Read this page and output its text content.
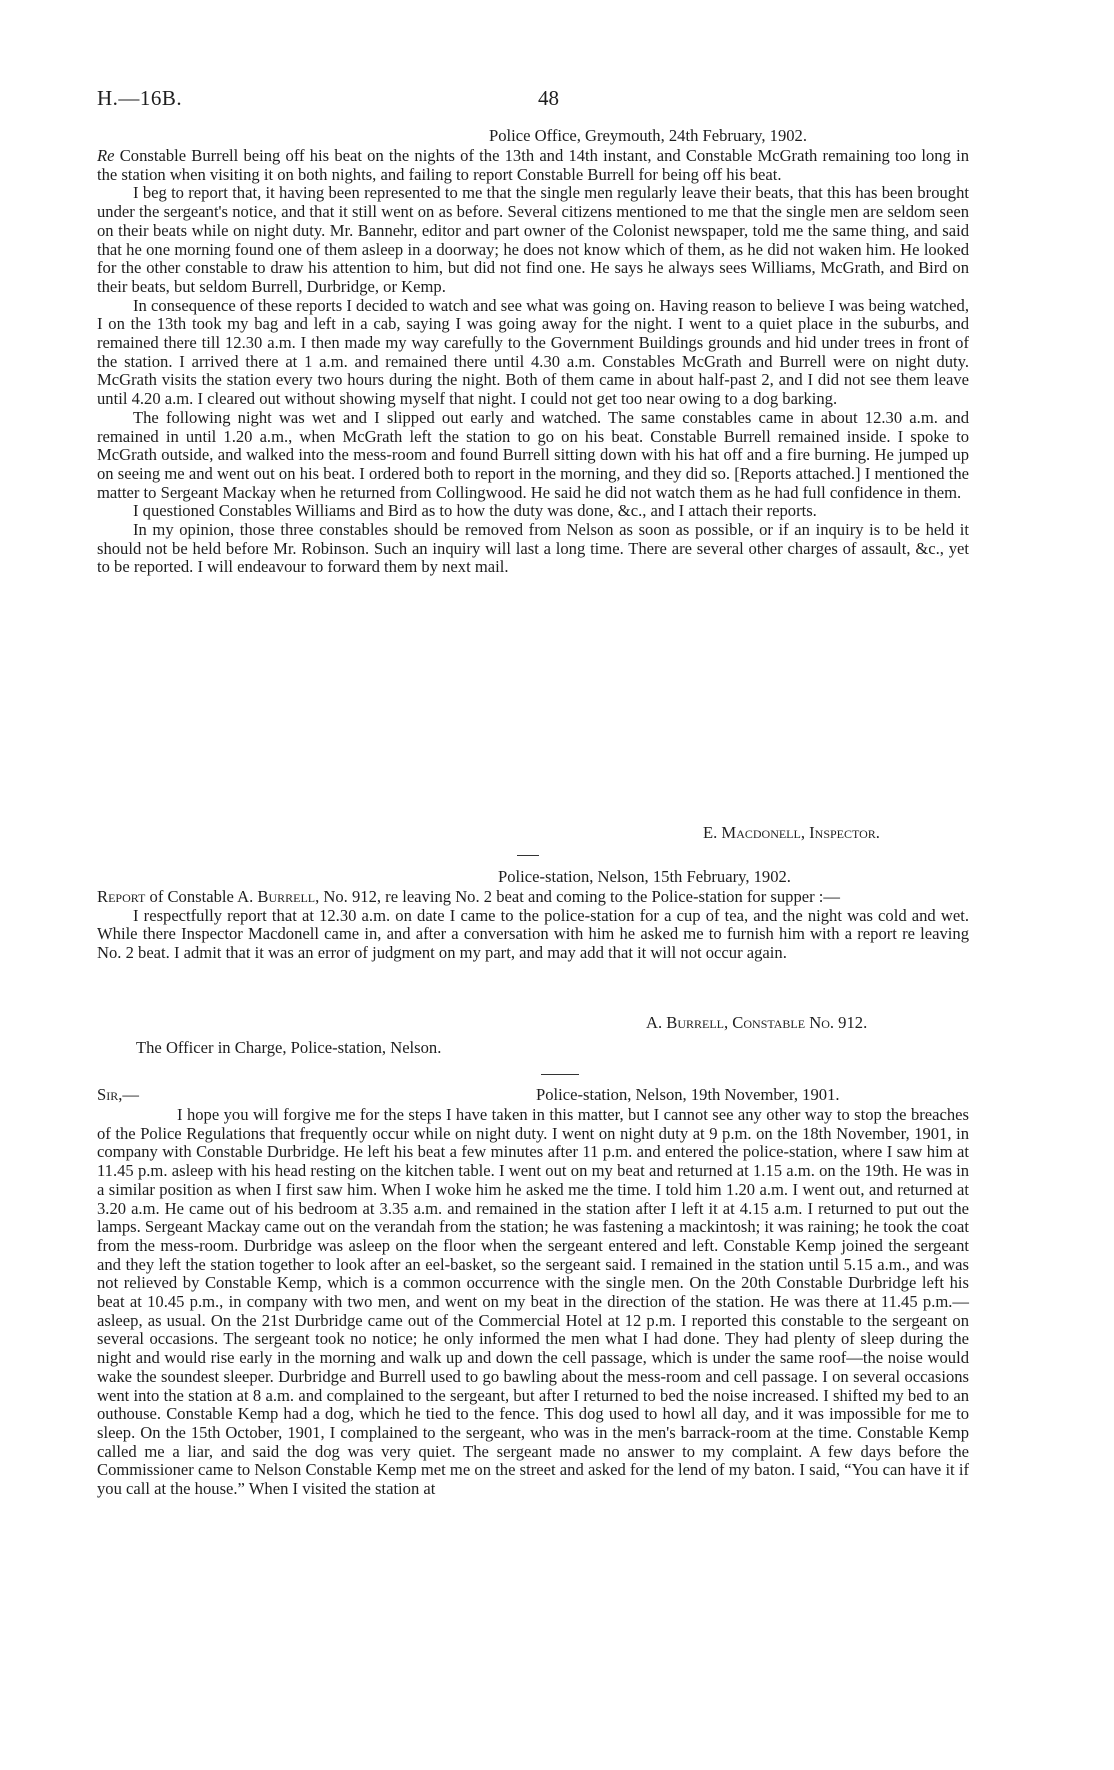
H.—16B.	48
Police Office, Greymouth, 24th February, 1902.

Re Constable Burrell being off his beat on the nights of the 13th and 14th instant, and Constable McGrath remaining too long in the station when visiting it on both nights, and failing to report Constable Burrell for being off his beat.

I beg to report that, it having been represented to me that the single men regularly leave their beats, that this has been brought under the sergeant's notice, and that it still went on as before. Several citizens mentioned to me that the single men are seldom seen on their beats while on night duty. Mr. Bannehr, editor and part owner of the Colonist newspaper, told me the same thing, and said that he one morning found one of them asleep in a doorway; he does not know which of them, as he did not waken him. He looked for the other constable to draw his attention to him, but did not find one. He says he always sees Williams, McGrath, and Bird on their beats, but seldom Burrell, Durbridge, or Kemp.

In consequence of these reports I decided to watch and see what was going on. Having reason to believe I was being watched, I on the 13th took my bag and left in a cab, saying I was going away for the night. I went to a quiet place in the suburbs, and remained there till 12.30 a.m. I then made my way carefully to the Government Buildings grounds and hid under trees in front of the station. I arrived there at 1 a.m. and remained there until 4.30 a.m. Constables McGrath and Burrell were on night duty. McGrath visits the station every two hours during the night. Both of them came in about half-past 2, and I did not see them leave until 4.20 a.m. I cleared out without showing myself that night. I could not get too near owing to a dog barking.

The following night was wet and I slipped out early and watched. The same constables came in about 12.30 a.m. and remained in until 1.20 a.m., when McGrath left the station to go on his beat. Constable Burrell remained inside. I spoke to McGrath outside, and walked into the mess-room and found Burrell sitting down with his hat off and a fire burning. He jumped up on seeing me and went out on his beat. I ordered both to report in the morning, and they did so. [Reports attached.] I mentioned the matter to Sergeant Mackay when he returned from Collingwood. He said he did not watch them as he had full confidence in them.

I questioned Constables Williams and Bird as to how the duty was done, &c., and I attach their reports.

In my opinion, those three constables should be removed from Nelson as soon as possible, or if an inquiry is to be held it should not be held before Mr. Robinson. Such an inquiry will last a long time. There are several other charges of assault, &c., yet to be reported. I will endeavour to forward them by next mail.

E. Macdonell, Inspector.
Police-station, Nelson, 15th February, 1902.

Report of Constable A. Burrell, No. 912, re leaving No. 2 beat and coming to the Police-station for supper :—

I respectfully report that at 12.30 a.m. on date I came to the police-station for a cup of tea, and the night was cold and wet. While there Inspector Macdonell came in, and after a conversation with him he asked me to furnish him with a report re leaving No. 2 beat. I admit that it was an error of judgment on my part, and may add that it will not occur again.

A. Burrell, Constable No. 912.
The Officer in Charge, Police-station, Nelson.
Sir,—	Police-station, Nelson, 19th November, 1901.

I hope you will forgive me for the steps I have taken in this matter, but I cannot see any other way to stop the breaches of the Police Regulations that frequently occur while on night duty. I went on night duty at 9 p.m. on the 18th November, 1901, in company with Constable Durbridge. He left his beat a few minutes after 11 p.m. and entered the police-station, where I saw him at 11.45 p.m. asleep with his head resting on the kitchen table. I went out on my beat and returned at 1.15 a.m. on the 19th. He was in a similar position as when I first saw him. When I woke him he asked me the time. I told him 1.20 a.m. I went out, and returned at 3.20 a.m. He came out of his bedroom at 3.35 a.m. and remained in the station after I left it at 4.15 a.m. I returned to put out the lamps. Sergeant Mackay came out on the verandah from the station; he was fastening a mackintosh; it was raining; he took the coat from the mess-room. Durbridge was asleep on the floor when the sergeant entered and left. Constable Kemp joined the sergeant and they left the station together to look after an eel-basket, so the sergeant said. I remained in the station until 5.15 a.m., and was not relieved by Constable Kemp, which is a common occurrence with the single men. On the 20th Constable Durbridge left his beat at 10.45 p.m., in company with two men, and went on my beat in the direction of the station. He was there at 11.45 p.m.—asleep, as usual. On the 21st Durbridge came out of the Commercial Hotel at 12 p.m. I reported this constable to the sergeant on several occasions. The sergeant took no notice; he only informed the men what I had done. They had plenty of sleep during the night and would rise early in the morning and walk up and down the cell passage, which is under the same roof—the noise would wake the soundest sleeper. Durbridge and Burrell used to go bawling about the mess-room and cell passage. I on several occasions went into the station at 8 a.m. and complained to the sergeant, but after I returned to bed the noise increased. I shifted my bed to an outhouse. Constable Kemp had a dog, which he tied to the fence. This dog used to howl all day, and it was impossible for me to sleep. On the 15th October, 1901, I complained to the sergeant, who was in the men's barrack-room at the time. Constable Kemp called me a liar, and said the dog was very quiet. The sergeant made no answer to my complaint. A few days before the Commissioner came to Nelson Constable Kemp met me on the street and asked for the lend of my baton. I said, “You can have it if you call at the house.” When I visited the station at
